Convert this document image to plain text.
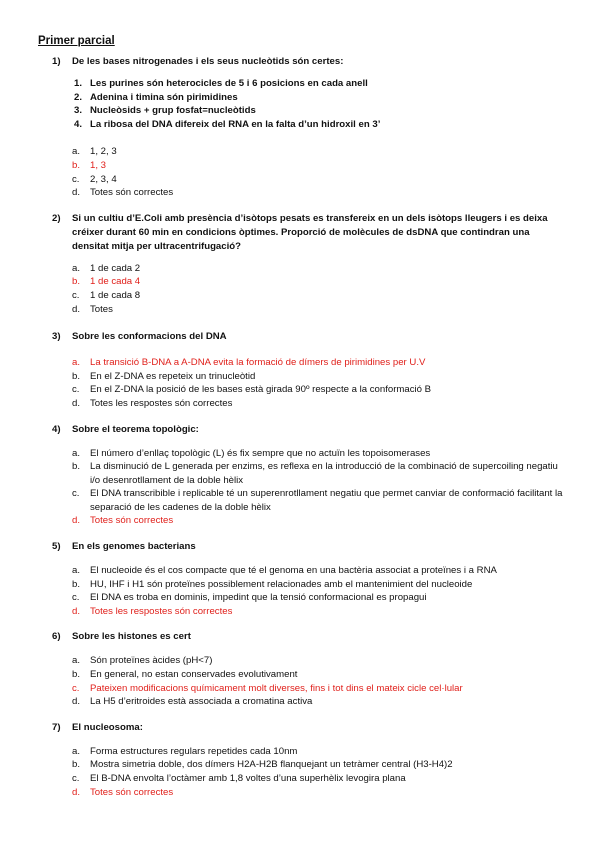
Primer parcial
1)	De les bases nitrogenades i els seus nucleòtids són certes:
1. Les purines són heterocicles de 5 i 6 posicions en cada anell
2. Adenina i timina són pirimidines
3. Nucleòsids + grup fosfat=nucleòtids
4. La ribosa del DNA difereix del RNA en la falta d’un hidroxil en 3’
a.	1, 2, 3
b.	1, 3
c.	2, 3, 4
d.	Totes són correctes
2)	Si un cultiu d’E.Coli amb presència d’isòtops pesats es transfereix en un dels isòtops lleugers i es deixa créixer durant 60 min en condicions òptimes. Proporció de molècules de dsDNA que contindran una densitat mitja per ultracentrifugació?
a.	1 de cada 2
b.	1 de cada 4
c.	1 de cada 8
d.	Totes
3)	Sobre les conformacions del DNA
a.	La transició B-DNA a A-DNA evita la formació de dímers de pirimidines per U.V
b.	En el Z-DNA es repeteix un trinucleòtid
c.	En el Z-DNA la posició de les bases està girada 90º respecte a la conformació B
d.	Totes les respostes són correctes
4)	Sobre el teorema topològic:
a.	El número d’enllaç topològic (L) és fix sempre que no actuïn les topoisomerases
b.	La disminució de L generada per enzims, es reflexa en la introducció de la combinació de supercoiling negatiu i/o desenrotllament de la doble hèlix
c.	El DNA transcribible i replicable té un superenrotllament negatiu que permet canviar de conformació facilitant la separació de les cadenes de la doble hèlix
d.	Totes són correctes
5)	En els genomes bacterians
a.	El nucleoide és el cos compacte que té el genoma en una bactèria associat a proteïnes i a RNA
b.	HU, IHF i H1 són proteïnes possiblement relacionades amb el mantenimient del nucleoide
c.	El DNA es troba en dominis, impedint que la tensió conformacional es propagui
d.	Totes les respostes són correctes
6)	Sobre les histones es cert
a.	Són proteïnes àcides (pH<7)
b.	En general, no estan conservades evolutivament
c.	Pateixen modificacions químicament molt diverses, fins i tot dins el mateix cicle cel·lular
d.	La H5 d’eritroides està associada a cromatina activa
7)	El nucleosoma:
a.	Forma estructures regulars repetides cada 10nm
b.	Mostra simetria doble, dos dímers H2A-H2B flanquejant un tetràmer central (H3-H4)2
c.	El B-DNA envolta l’octàmer amb 1,8 voltes d’una superhèlix levogira plana
d.	Totes són correctes
